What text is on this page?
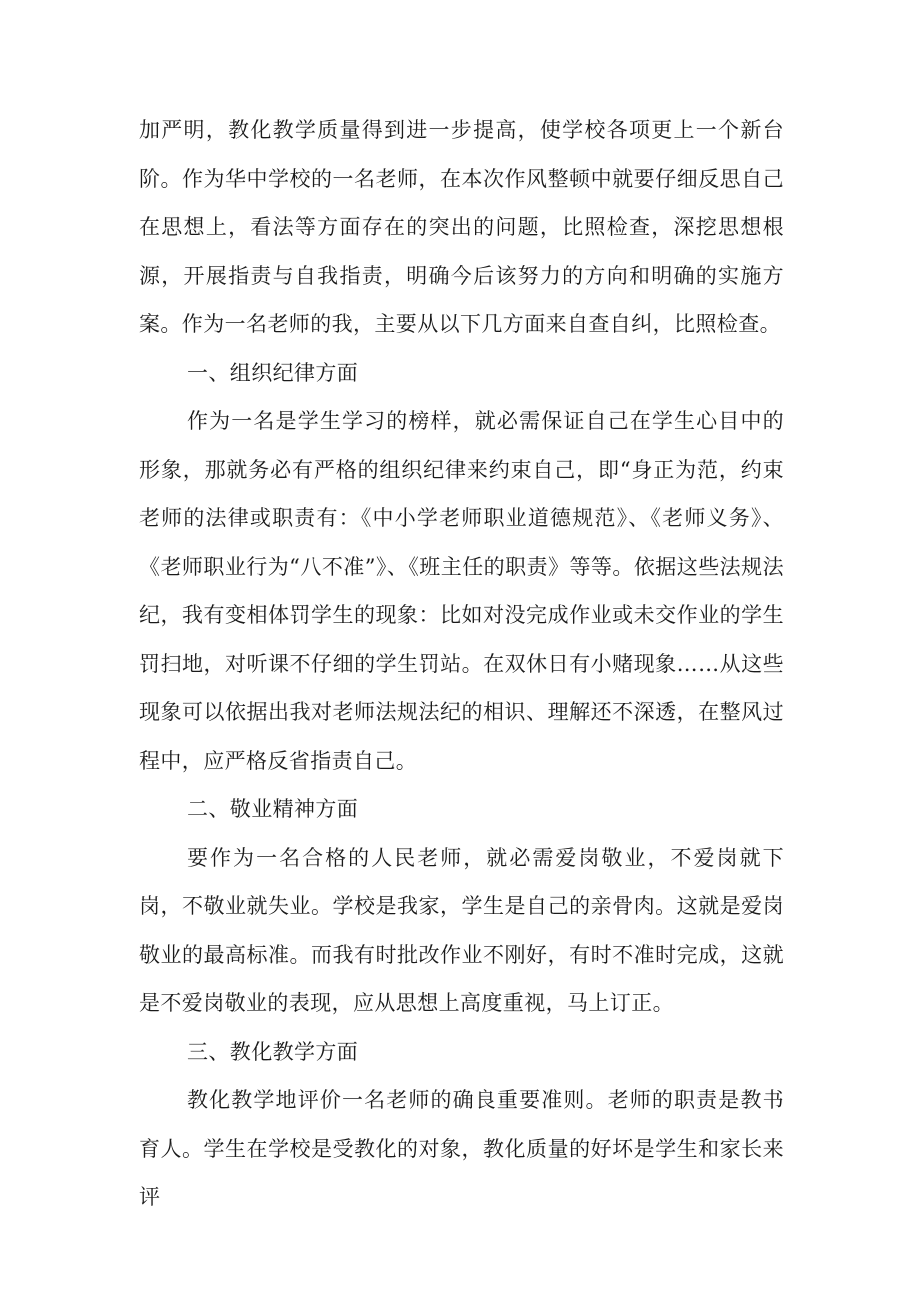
加严明，教化教学质量得到进一步提高，使学校各项更上一个新台阶。作为华中学校的一名老师，在本次作风整顿中就要仔细反思自己在思想上，看法等方面存在的突出的问题，比照检查，深挖思想根源，开展指责与自我指责，明确今后该努力的方向和明确的实施方案。作为一名老师的我，主要从以下几方面来自查自纠，比照检查。

一、组织纪律方面

作为一名是学生学习的榜样，就必需保证自己在学生心目中的形象，那就务必有严格的组织纪律来约束自己，即“身正为范，约束老师的法律或职责有：《中小学老师职业道德规范》、《老师义务》、《老师职业行为“八不准”》、《班主任的职责》等等。依据这些法规法纪，我有变相体罚学生的现象：比如对没完成作业或未交作业的学生罚扫地，对听课不仔细的学生罚站。在双休日有小赌现象……从这些现象可以依据出我对老师法规法纪的相识、理解还不深透，在整风过程中，应严格反省指责自己。

二、敬业精神方面

要作为一名合格的人民老师，就必需爱岗敬业，不爱岗就下岗，不敬业就失业。学校是我家，学生是自己的亲骨肉。这就是爱岗敬业的最高标准。而我有时批改作业不刚好，有时不准时完成，这就是不爱岗敬业的表现，应从思想上高度重视，马上订正。

三、教化教学方面

教化教学地评价一名老师的确良重要准则。老师的职责是教书育人。学生在学校是受教化的对象，教化质量的好坏是学生和家长来评
